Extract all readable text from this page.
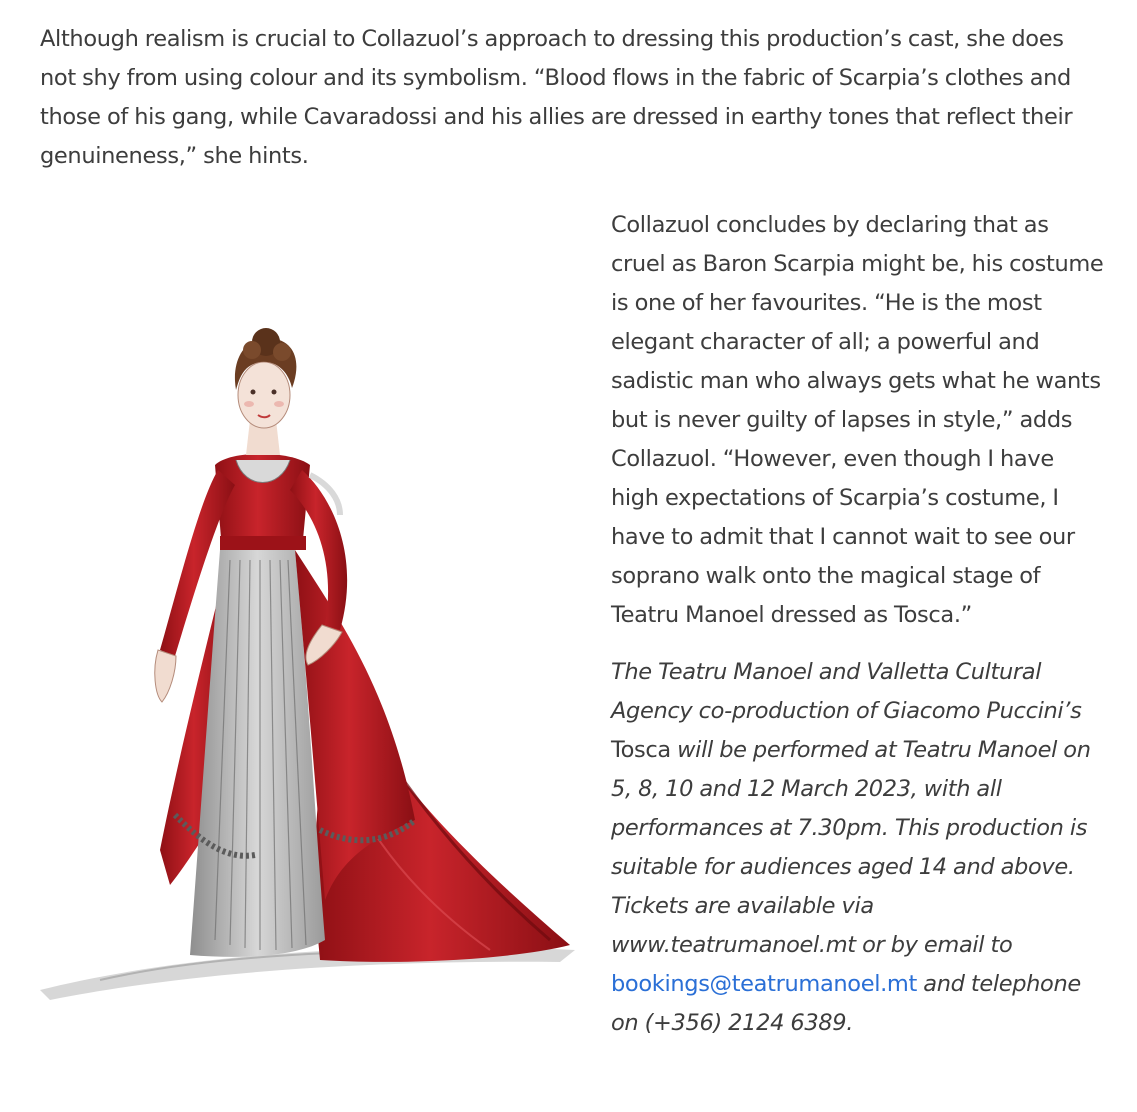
Although realism is crucial to Collazuol’s approach to dressing this production’s cast, she does not shy from using colour and its symbolism. “Blood flows in the fabric of Scarpia’s clothes and those of his gang, while Cavaradossi and his allies are dressed in earthy tones that reflect their genuineness,” she hints.

Collazuol concludes by declaring that as cruel as Baron Scarpia might be, his costume is one of her favourites. “He is the most elegant character of all; a powerful and sadistic man who always gets what he wants but is never guilty of lapses in style,” adds Collazuol. “However, even though I have high expectations of Scarpia’s costume, I have to admit that I cannot wait to see our soprano walk onto the magical stage of Teatru Manoel dressed as Tosca.”

The Teatru Manoel and Valletta Cultural Agency co-production of Giacomo Puccini’s Tosca will be performed at Teatru Manoel on 5, 8, 10 and 12 March 2023, with all performances at 7.30pm. This production is suitable for audiences aged 14 and above. Tickets are available via www.teatrumanoel.mt or by email to bookings@teatrumanoel.mt and telephone on (+356) 2124 6389.
